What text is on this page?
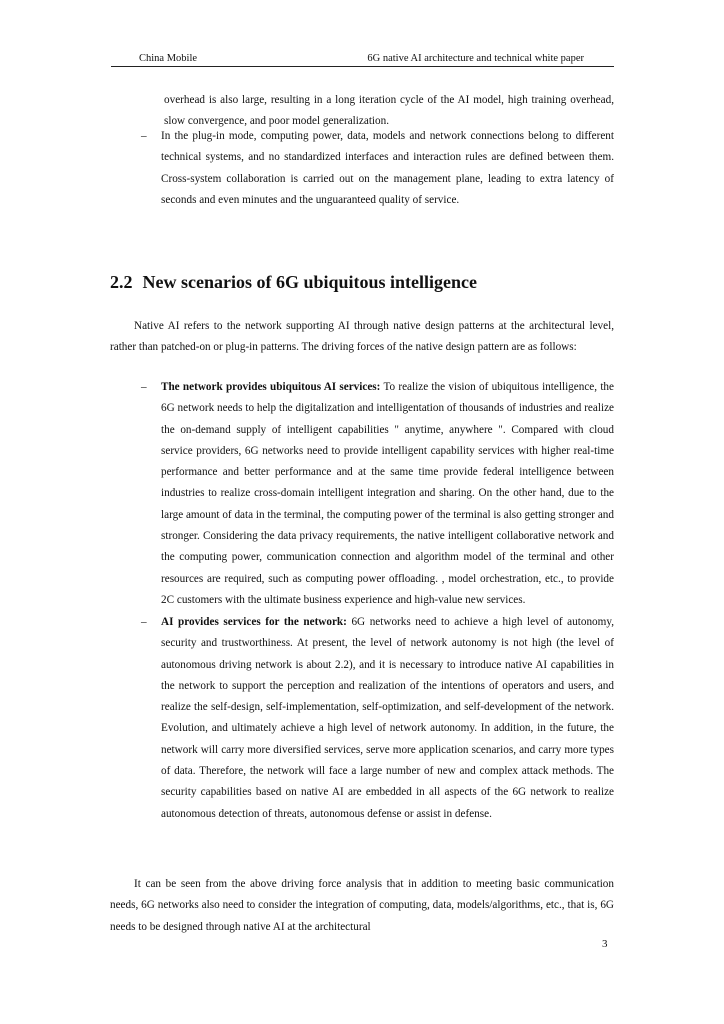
China Mobile	6G native AI architecture and technical white paper
overhead is also large, resulting in a long iteration cycle of the AI model, high training overhead, slow convergence, and poor model generalization.
– In the plug-in mode, computing power, data, models and network connections belong to different technical systems, and no standardized interfaces and interaction rules are defined between them. Cross-system collaboration is carried out on the management plane, leading to extra latency of seconds and even minutes and the unguaranteed quality of service.
2.2 New scenarios of 6G ubiquitous intelligence
Native AI refers to the network supporting AI through native design patterns at the architectural level, rather than patched-on or plug-in patterns. The driving forces of the native design pattern are as follows:
– The network provides ubiquitous AI services: To realize the vision of ubiquitous intelligence, the 6G network needs to help the digitalization and intelligentation of thousands of industries and realize the on-demand supply of intelligent capabilities " anytime, anywhere ". Compared with cloud service providers, 6G networks need to provide intelligent capability services with higher real-time performance and better performance and at the same time provide federal intelligence between industries to realize cross-domain intelligent integration and sharing. On the other hand, due to the large amount of data in the terminal, the computing power of the terminal is also getting stronger and stronger. Considering the data privacy requirements, the native intelligent collaborative network and the computing power, communication connection and algorithm model of the terminal and other resources are required, such as computing power offloading. , model orchestration, etc., to provide 2C customers with the ultimate business experience and high-value new services.
– AI provides services for the network: 6G networks need to achieve a high level of autonomy, security and trustworthiness. At present, the level of network autonomy is not high (the level of autonomous driving network is about 2.2), and it is necessary to introduce native AI capabilities in the network to support the perception and realization of the intentions of operators and users, and realize the self-design, self-implementation, self-optimization, and self-development of the network. Evolution, and ultimately achieve a high level of network autonomy. In addition, in the future, the network will carry more diversified services, serve more application scenarios, and carry more types of data. Therefore, the network will face a large number of new and complex attack methods. The security capabilities based on native AI are embedded in all aspects of the 6G network to realize autonomous detection of threats, autonomous defense or assist in defense.
It can be seen from the above driving force analysis that in addition to meeting basic communication needs, 6G networks also need to consider the integration of computing, data, models/algorithms, etc., that is, 6G needs to be designed through native AI at the architectural
3
